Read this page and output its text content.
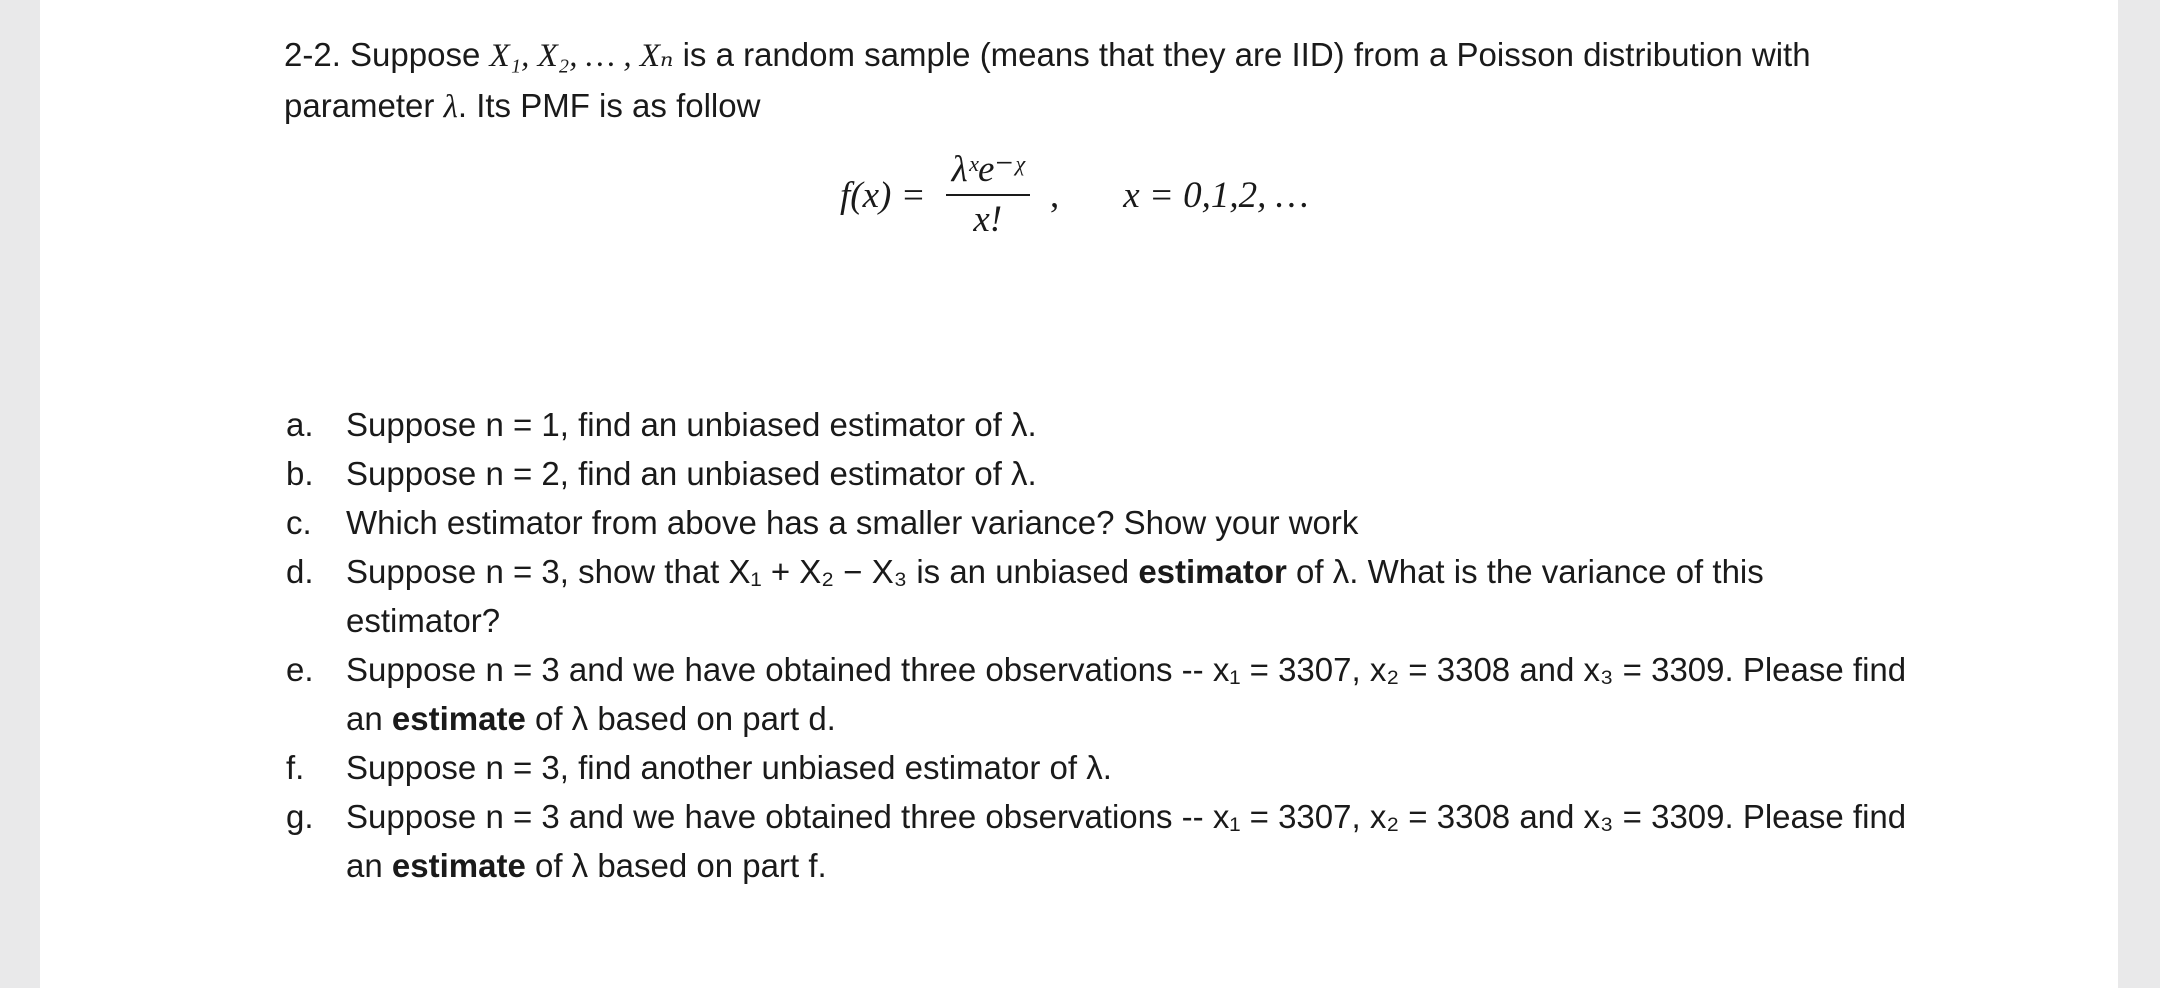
2-2. Suppose X₁, X₂, … , Xₙ is a random sample (means that they are IID) from a Poisson distribution with parameter λ. Its PMF is as follow
$f(x) = \frac{\text{λˣe⁻ᵡ}}{x!}$ , x = 0,1,2, …
a. Suppose n = 1, find an unbiased estimator of λ.
b. Suppose n = 2, find an unbiased estimator of λ.
c.	Which estimator from above has a smaller variance? Show your work
d. Suppose n = 3, show that X₁ + X₂ − X₃ is an unbiased estimator of λ. What is the variance of this estimator?
e. Suppose n = 3 and we have obtained three observations -- x₁ = 3307, x₂ = 3308 and x₃ = 3309. Please find an estimate of λ based on part d.
f.	Suppose n = 3, find another unbiased estimator of λ.
g. Suppose n = 3 and we have obtained three observations -- x₁ = 3307, x₂ = 3308 and x₃ = 3309. Please find an estimate of λ based on part f.
